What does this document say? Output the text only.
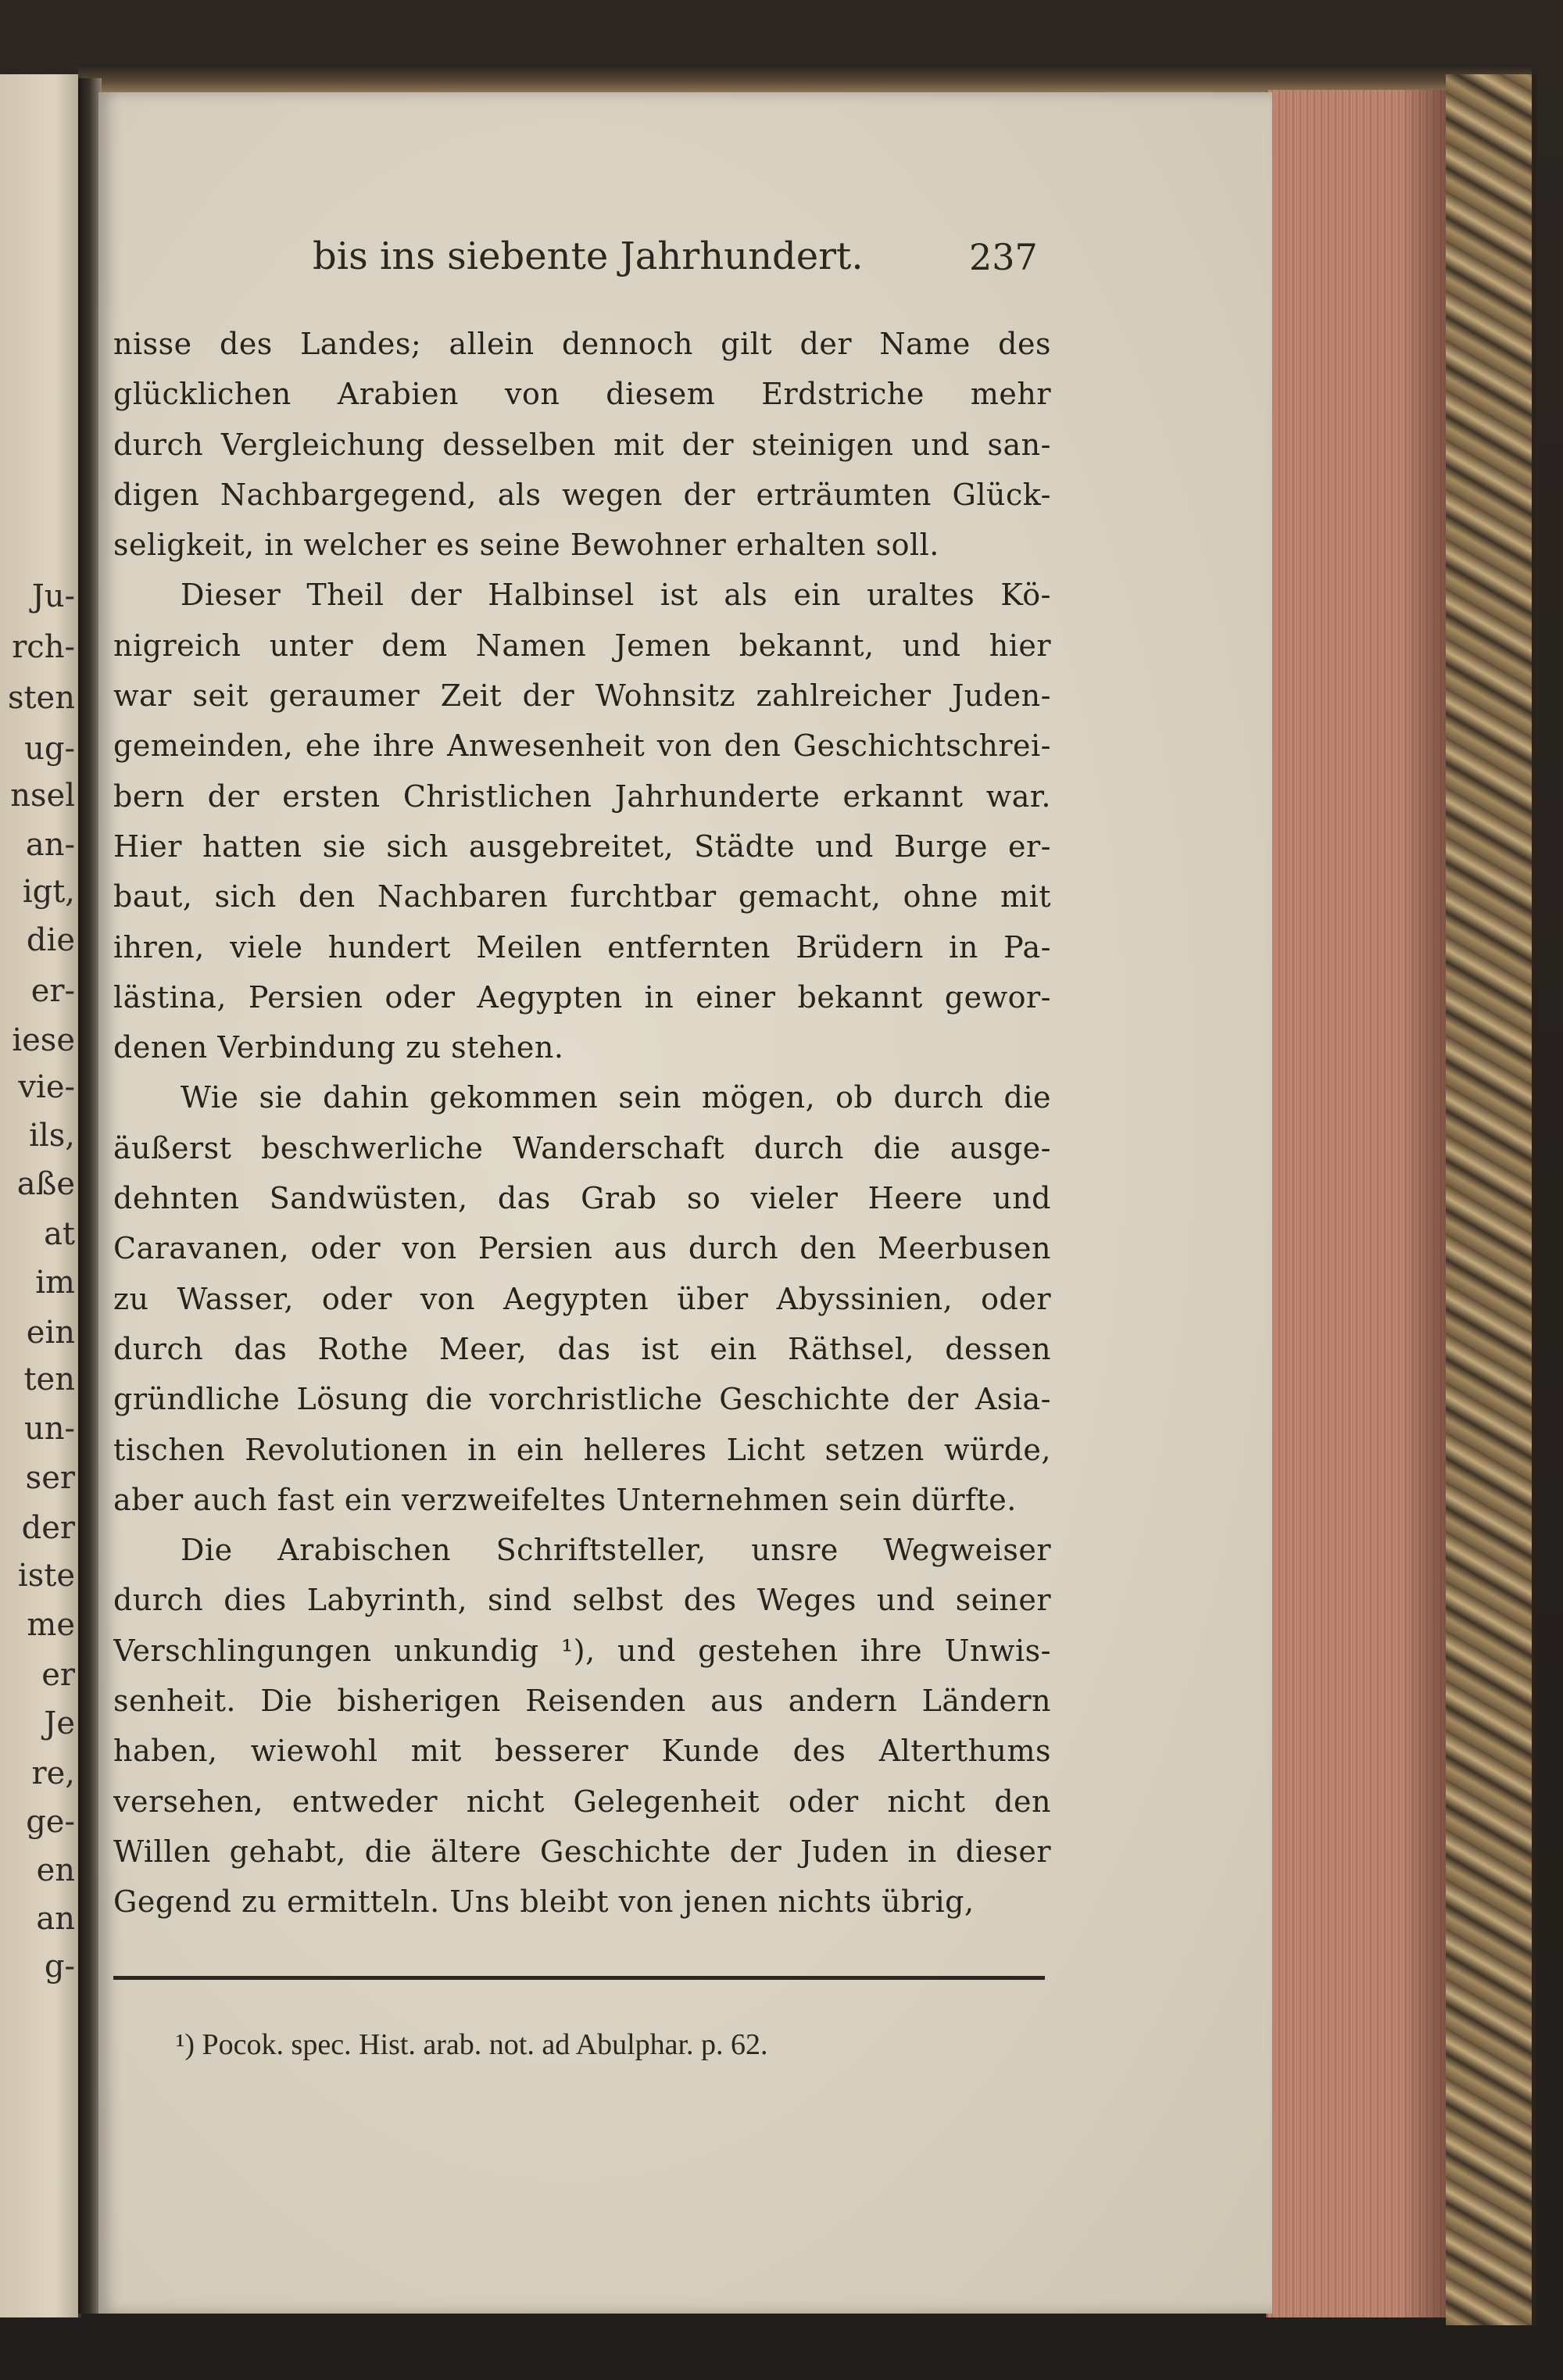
Ju-
rch-
sten
ug-
nsel
an-
igt,
die
er-
iese
vie-
ils,
aße
at
im
ein
ten
un-
ser
der
iste
me
er
Je
re,
ge-
en
an
g-
bis ins siebente Jahrhundert.	237
nisse des Landes; allein dennoch gilt der Name des
glücklichen Arabien von diesem Erdstriche mehr
durch Vergleichung desselben mit der steinigen und san-
digen Nachbargegend, als wegen der erträumten Glück-
seligkeit, in welcher es seine Bewohner erhalten soll.
Dieser Theil der Halbinsel ist als ein uraltes Kö-
nigreich unter dem Namen Jemen bekannt, und hier
war seit geraumer Zeit der Wohnsitz zahlreicher Juden-
gemeinden, ehe ihre Anwesenheit von den Geschichtschrei-
bern der ersten Christlichen Jahrhunderte erkannt war.
Hier hatten sie sich ausgebreitet, Städte und Burge er-
baut, sich den Nachbaren furchtbar gemacht, ohne mit
ihren, viele hundert Meilen entfernten Brüdern in Pa-
lästina, Persien oder Aegypten in einer bekannt gewor-
denen Verbindung zu stehen.
Wie sie dahin gekommen sein mögen, ob durch die
äußerst beschwerliche Wanderschaft durch die ausge-
dehnten Sandwüsten, das Grab so vieler Heere und
Caravanen, oder von Persien aus durch den Meerbusen
zu Wasser, oder von Aegypten über Abyssinien, oder
durch das Rothe Meer, das ist ein Räthsel, dessen
gründliche Lösung die vorchristliche Geschichte der Asia-
tischen Revolutionen in ein helleres Licht setzen würde,
aber auch fast ein verzweifeltes Unternehmen sein dürfte.
Die Arabischen Schriftsteller, unsre Wegweiser
durch dies Labyrinth, sind selbst des Weges und seiner
Verschlingungen unkundig ¹), und gestehen ihre Unwis-
senheit. Die bisherigen Reisenden aus andern Ländern
haben, wiewohl mit besserer Kunde des Alterthums
versehen, entweder nicht Gelegenheit oder nicht den
Willen gehabt, die ältere Geschichte der Juden in dieser
Gegend zu ermitteln. Uns bleibt von jenen nichts übrig,
¹) Pocok. spec. Hist. arab. not. ad Abulphar. p. 62.
